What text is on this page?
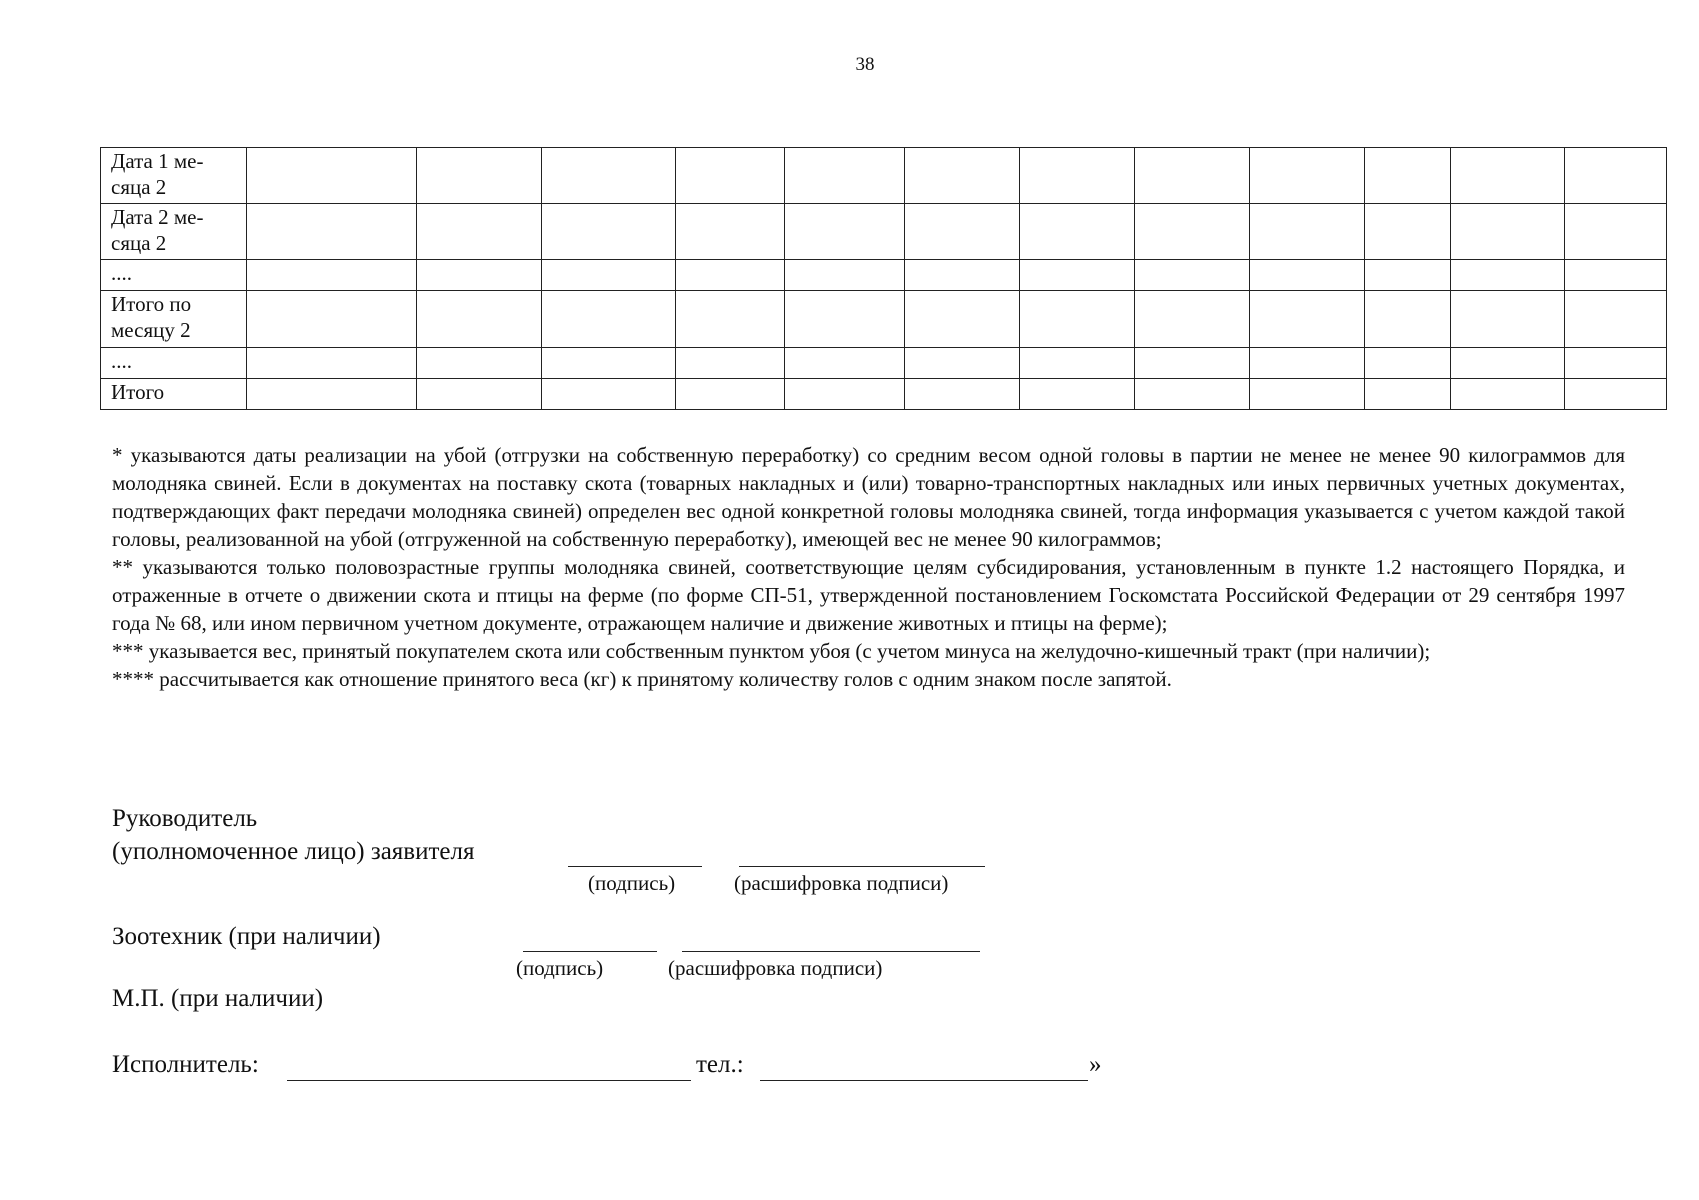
38
Дата 1 ме-
сяца 2												

Дата 2 ме-
сяца 2												

....												

Итого по
месяцу 2												

....												

Итого												

* указываются даты реализации на убой (отгрузки на собственную переработку) со средним весом одной головы в партии не менее не менее 90 килограммов для молодняка свиней. Если в документах на поставку скота (товарных накладных и (или) товарно-транспортных накладных или иных первичных учетных документах, подтверждающих факт передачи молодняка свиней) определен вес одной конкретной головы молодняка свиней, тогда информация указывается с учетом каждой такой головы, реализованной на убой (отгруженной на собственную переработку), имеющей вес не менее 90 килограммов;

** указываются только половозрастные группы молодняка свиней, соответствующие целям субсидирования, установленным в пункте 1.2 настоящего Порядка, и отраженные в отчете о движении скота и птицы на ферме (по форме СП-51, утвержденной постановлением Госкомстата Российской Федерации от 29 сентября 1997 года № 68, или ином первичном учетном документе, отражающем наличие и движение животных и птицы на ферме);

*** указывается вес, принятый покупателем скота или собственным пунктом убоя (с учетом минуса на желудочно-кишечный тракт (при наличии);

**** рассчитывается как отношение принятого веса (кг) к принятому количеству голов с одним знаком после запятой.

Руководитель
(уполномоченное лицо) заявителя
(подпись)	(расшифровка подписи)
Зоотехник (при наличии)
(подпись)	(расшифровка подписи)
М.П. (при наличии)
Исполнитель:	тел.:	»
